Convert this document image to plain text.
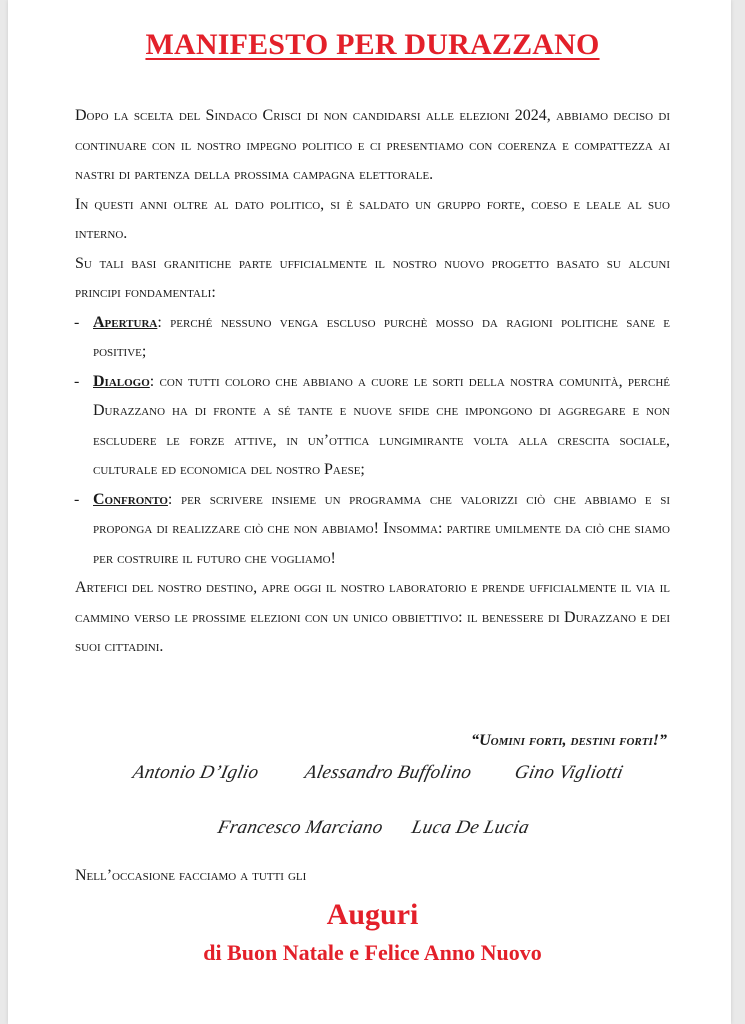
MANIFESTO PER DURAZZANO

Dopo la scelta del Sindaco Crisci di non candidarsi alle elezioni 2024, abbiamo deciso di continuare con il nostro impegno politico e ci presentiamo con coerenza e compattezza ai nastri di partenza della prossima campagna elettorale.

In questi anni oltre al dato politico, si è saldato un gruppo forte, coeso e leale al suo interno.

Su tali basi granitiche parte ufficialmente il nostro nuovo progetto basato su alcuni principi fondamentali:

- Apertura: perché nessuno venga escluso purchè mosso da ragioni politiche sane e positive;

- Dialogo: con tutti coloro che abbiano a cuore le sorti della nostra comunità, perché Durazzano ha di fronte a sé tante e nuove sfide che impongono di aggregare e non escludere le forze attive, in un’ottica lungimirante volta alla crescita sociale, culturale ed economica del nostro Paese;

- Confronto: per scrivere insieme un programma che valorizzi ciò che abbiamo e si proponga di realizzare ciò che non abbiamo! Insomma: partire umilmente da ciò che siamo per costruire il futuro che vogliamo!

Artefici del nostro destino, apre oggi il nostro laboratorio e prende ufficialmente il via il cammino verso le prossime elezioni con un unico obbiettivo: il benessere di Durazzano e dei suoi cittadini.

“Uomini forti, destini forti!”
Antonio D’Iglio Alessandro Buffolino Gino Vigliotti
Francesco Marciano Luca De Lucia
Nell’occasione facciamo a tutti gli
Auguri
di Buon Natale e Felice Anno Nuovo
